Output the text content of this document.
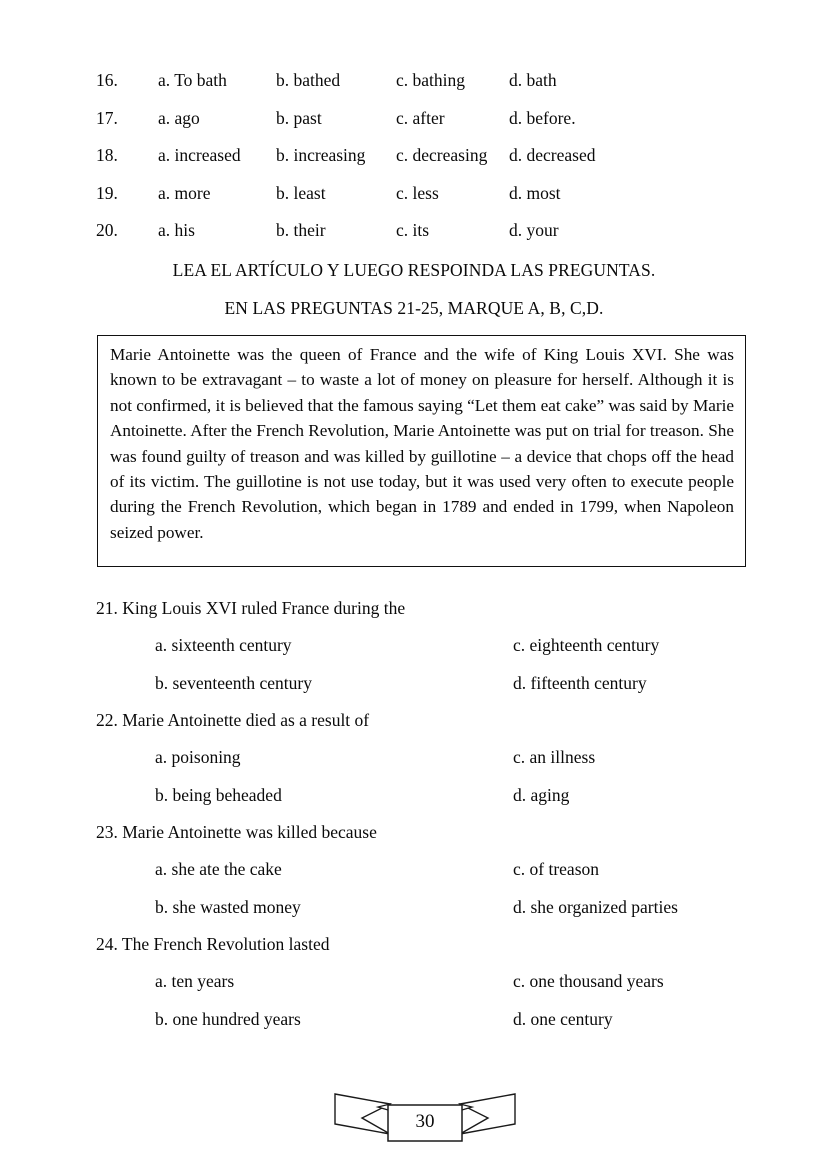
16.	a. To bath	b. bathed	c. bathing	d. bath
17.	a. ago	b. past	c. after	d. before.
18.	a. increased	b. increasing	c. decreasing	d. decreased
19.	a. more	b. least	c. less	d. most
20.	a. his	b. their	c. its	d. your
LEA EL ARTÍCULO Y LUEGO RESPOINDA LAS PREGUNTAS.
EN LAS PREGUNTAS 21-25, MARQUE A, B, C,D.
Marie Antoinette was the queen of France and the wife of King Louis XVI. She was known to be extravagant – to waste a lot of money on pleasure for herself. Although it is not confirmed, it is believed that the famous saying “Let them eat cake” was said by Marie Antoinette. After the French Revolution, Marie Antoinette was put on trial for treason. She was found guilty of treason and was killed by guillotine – a device that chops off the head of its victim. The guillotine is not use today, but it was used very often to execute people during the French Revolution, which began in 1789 and ended in 1799, when Napoleon seized power.
21. King Louis XVI ruled France during the
a. sixteenth century	c. eighteenth century
b. seventeenth century	d. fifteenth century
22. Marie Antoinette died as a result of
a. poisoning	c. an illness
b. being beheaded	d. aging
23. Marie Antoinette was killed because
a. she ate the cake	c. of treason
b. she wasted money	d. she organized parties
24. The French Revolution lasted
a. ten years	c. one thousand years
b. one hundred years	d. one century
30
